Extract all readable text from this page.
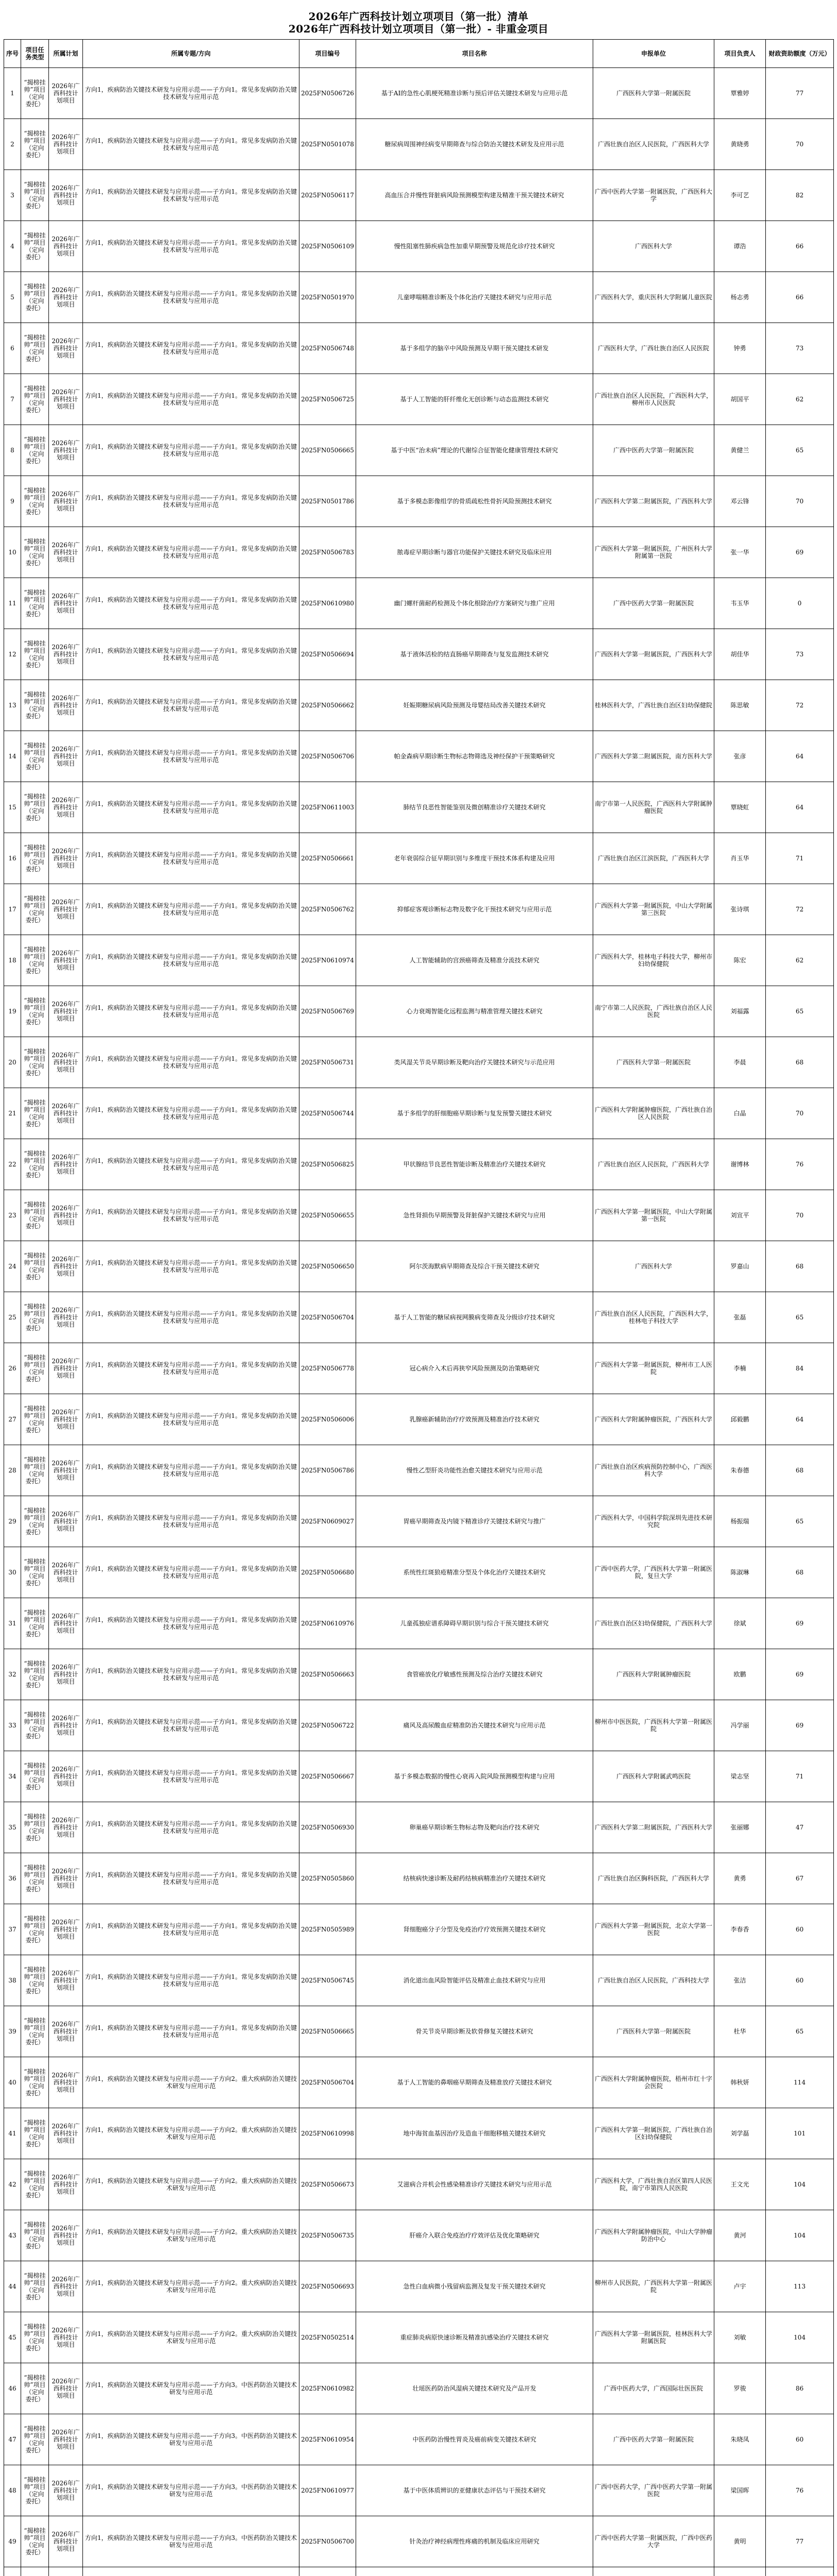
2026年广西科技计划立项项目（第一批）清单
2026年广西科技计划立项项目（第一批）- 非重金项目
序号	项目任务类型	所属计划	所属专题/方向	项目编号	项目名称	申报单位	项目负责人	财政资助额度（万元）
1	“揭榜挂帅”项目（定向委托）	2026年广西科技计划项目	方向1，疾病防治关键技术研发与应用示范——子方向1。常见多发病防治关键技术研发与应用示范	2025FN0506726	基于AI的急性心肌梗死精准诊断与预后评估关键技术研发与应用示范	广西医科大学第一附属医院	覃雅婷	77
2	“揭榜挂帅”项目（定向委托）	2026年广西科技计划项目	方向1，疾病防治关键技术研发与应用示范——子方向1。常见多发病防治关键技术研发与应用示范	2025FN0501078	糖尿病周围神经病变早期筛查与综合防治关键技术研发及应用示范	广西壮族自治区人民医院，广西医科大学	黄晓勇	70
3	“揭榜挂帅”项目（定向委托）	2026年广西科技计划项目	方向1，疾病防治关键技术研发与应用示范——子方向1。常见多发病防治关键技术研发与应用示范	2025FN0506117	高血压合并慢性肾脏病风险预测模型构建及精准干预关键技术研究	广西中医药大学第一附属医院，广西医科大学	李可艺	82
4	“揭榜挂帅”项目（定向委托）	2026年广西科技计划项目	方向1，疾病防治关键技术研发与应用示范——子方向1。常见多发病防治关键技术研发与应用示范	2025FN0506109	慢性阻塞性肺疾病急性加重早期预警及规范化诊疗技术研究	广西医科大学	谭浩	66
5	“揭榜挂帅”项目（定向委托）	2026年广西科技计划项目	方向1，疾病防治关键技术研发与应用示范——子方向1。常见多发病防治关键技术研发与应用示范	2025FN0501970	儿童哮喘精准诊断及个体化治疗关键技术研究与应用示范	广西医科大学，重庆医科大学附属儿童医院	杨志勇	66
6	“揭榜挂帅”项目（定向委托）	2026年广西科技计划项目	方向1，疾病防治关键技术研发与应用示范——子方向1。常见多发病防治关键技术研发与应用示范	2025FN0506748	基于多组学的脑卒中风险预测及早期干预关键技术研发	广西医科大学，广西壮族自治区人民医院	钟勇	73
7	“揭榜挂帅”项目（定向委托）	2026年广西科技计划项目	方向1，疾病防治关键技术研发与应用示范——子方向1。常见多发病防治关键技术研发与应用示范	2025FN0506725	基于人工智能的肝纤维化无创诊断与动态监测技术研究	广西壮族自治区人民医院，广西医科大学，柳州市人民医院	胡国平	62
8	“揭榜挂帅”项目（定向委托）	2026年广西科技计划项目	方向1，疾病防治关键技术研发与应用示范——子方向1。常见多发病防治关键技术研发与应用示范	2025FN0506665	基于中医“治未病”理论的代谢综合征智能化健康管理技术研究	广西中医药大学第一附属医院	黄健兰	65
9	“揭榜挂帅”项目（定向委托）	2026年广西科技计划项目	方向1，疾病防治关键技术研发与应用示范——子方向1。常见多发病防治关键技术研发与应用示范	2025FN0501786	基于多模态影像组学的骨质疏松性骨折风险预测技术研究	广西医科大学第二附属医院，广西医科大学	邓云锋	70
10	“揭榜挂帅”项目（定向委托）	2026年广西科技计划项目	方向1，疾病防治关键技术研发与应用示范——子方向1。常见多发病防治关键技术研发与应用示范	2025FN0506783	脓毒症早期诊断与器官功能保护关键技术研究及临床应用	广西医科大学第一附属医院，广州医科大学附属第一医院	张一华	69
11	“揭榜挂帅”项目（定向委托）	2026年广西科技计划项目	方向1，疾病防治关键技术研发与应用示范——子方向1。常见多发病防治关键技术研发与应用示范	2025FN0610980	幽门螺杆菌耐药检测及个体化根除治疗方案研究与推广应用	广西中医药大学第一附属医院	韦玉华	0
12	“揭榜挂帅”项目（定向委托）	2026年广西科技计划项目	方向1，疾病防治关键技术研发与应用示范——子方向1。常见多发病防治关键技术研发与应用示范	2025FN0506694	基于液体活检的结直肠癌早期筛查与复发监测技术研究	广西医科大学第一附属医院，广西医科大学	胡佳华	73
13	“揭榜挂帅”项目（定向委托）	2026年广西科技计划项目	方向1，疾病防治关键技术研发与应用示范——子方向1。常见多发病防治关键技术研发与应用示范	2025FN0506662	妊娠期糖尿病风险预测及母婴结局改善关键技术研究	桂林医科大学，广西壮族自治区妇幼保健院	陈思敏	72
14	“揭榜挂帅”项目（定向委托）	2026年广西科技计划项目	方向1，疾病防治关键技术研发与应用示范——子方向1。常见多发病防治关键技术研发与应用示范	2025FN0506706	帕金森病早期诊断生物标志物筛选及神经保护干预策略研究	广西医科大学第二附属医院，南方医科大学	张彦	64
15	“揭榜挂帅”项目（定向委托）	2026年广西科技计划项目	方向1，疾病防治关键技术研发与应用示范——子方向1。常见多发病防治关键技术研发与应用示范	2025FN0611003	肺结节良恶性智能鉴别及微创精准诊疗关键技术研究	南宁市第一人民医院，广西医科大学附属肿瘤医院	覃晓虹	64
16	“揭榜挂帅”项目（定向委托）	2026年广西科技计划项目	方向1，疾病防治关键技术研发与应用示范——子方向1。常见多发病防治关键技术研发与应用示范	2025FN0506661	老年衰弱综合征早期识别与多维度干预技术体系构建及应用	广西壮族自治区江滨医院，广西医科大学	肖玉华	71
17	“揭榜挂帅”项目（定向委托）	2026年广西科技计划项目	方向1，疾病防治关键技术研发与应用示范——子方向1。常见多发病防治关键技术研发与应用示范	2025FN0506762	抑郁症客观诊断标志物及数字化干预技术研究与应用示范	广西医科大学第一附属医院，中山大学附属第三医院	张诗琪	72
18	“揭榜挂帅”项目（定向委托）	2026年广西科技计划项目	方向1，疾病防治关键技术研发与应用示范——子方向1。常见多发病防治关键技术研发与应用示范	2025FN0610974	人工智能辅助的宫颈癌筛查及精准分流技术研究	广西医科大学，桂林电子科技大学，柳州市妇幼保健院	陈宏	62
19	“揭榜挂帅”项目（定向委托）	2026年广西科技计划项目	方向1，疾病防治关键技术研发与应用示范——子方向1。常见多发病防治关键技术研发与应用示范	2025FN0506769	心力衰竭智能化远程监测与精准管理关键技术研究	南宁市第二人民医院，广西壮族自治区人民医院	刘福露	65
20	“揭榜挂帅”项目（定向委托）	2026年广西科技计划项目	方向1，疾病防治关键技术研发与应用示范——子方向1。常见多发病防治关键技术研发与应用示范	2025FN0506731	类风湿关节炎早期诊断及靶向治疗关键技术研究与示范应用	广西医科大学第一附属医院	李晨	68
21	“揭榜挂帅”项目（定向委托）	2026年广西科技计划项目	方向1，疾病防治关键技术研发与应用示范——子方向1。常见多发病防治关键技术研发与应用示范	2025FN0506744	基于多组学的肝细胞癌早期诊断与复发预警关键技术研究	广西医科大学附属肿瘤医院，广西壮族自治区人民医院	白晶	70
22	“揭榜挂帅”项目（定向委托）	2026年广西科技计划项目	方向1，疾病防治关键技术研发与应用示范——子方向1。常见多发病防治关键技术研发与应用示范	2025FN0506825	甲状腺结节良恶性智能诊断及精准治疗关键技术研究	广西壮族自治区人民医院，广西医科大学	谢博林	76
23	“揭榜挂帅”项目（定向委托）	2026年广西科技计划项目	方向1，疾病防治关键技术研发与应用示范——子方向1。常见多发病防治关键技术研发与应用示范	2025FN0506655	急性肾损伤早期预警及肾脏保护关键技术研究与应用	广西医科大学第一附属医院，中山大学附属第一医院	刘宣平	70
24	“揭榜挂帅”项目（定向委托）	2026年广西科技计划项目	方向1，疾病防治关键技术研发与应用示范——子方向1。常见多发病防治关键技术研发与应用示范	2025FN0506650	阿尔茨海默病早期筛查及综合干预关键技术研究	广西医科大学	罗嘉山	68
25	“揭榜挂帅”项目（定向委托）	2026年广西科技计划项目	方向1，疾病防治关键技术研发与应用示范——子方向1。常见多发病防治关键技术研发与应用示范	2025FN0506704	基于人工智能的糖尿病视网膜病变筛查及分级诊疗技术研究	广西壮族自治区人民医院，广西医科大学，桂林电子科技大学	张磊	65
26	“揭榜挂帅”项目（定向委托）	2026年广西科技计划项目	方向1，疾病防治关键技术研发与应用示范——子方向1。常见多发病防治关键技术研发与应用示范	2025FN0506778	冠心病介入术后再狭窄风险预测及防治策略研究	广西医科大学第一附属医院，柳州市工人医院	李楠	84
27	“揭榜挂帅”项目（定向委托）	2026年广西科技计划项目	方向1，疾病防治关键技术研发与应用示范——子方向1。常见多发病防治关键技术研发与应用示范	2025FN0506006	乳腺癌新辅助治疗疗效预测及精准治疗技术研究	广西医科大学附属肿瘤医院，广西医科大学	邱毅鹏	64
28	“揭榜挂帅”项目（定向委托）	2026年广西科技计划项目	方向1，疾病防治关键技术研发与应用示范——子方向1。常见多发病防治关键技术研发与应用示范	2025FN0506786	慢性乙型肝炎功能性治愈关键技术研究与应用示范	广西壮族自治区疾病预防控制中心，广西医科大学	朱春德	68
29	“揭榜挂帅”项目（定向委托）	2026年广西科技计划项目	方向1，疾病防治关键技术研发与应用示范——子方向1。常见多发病防治关键技术研发与应用示范	2025FN0609027	胃癌早期筛查及内镜下精准诊疗关键技术研究与推广	广西医科大学，中国科学院深圳先进技术研究院	杨振瑞	65
30	“揭榜挂帅”项目（定向委托）	2026年广西科技计划项目	方向1，疾病防治关键技术研发与应用示范——子方向1。常见多发病防治关键技术研发与应用示范	2025FN0506680	系统性红斑狼疮精准分型及个体化治疗关键技术研究	广西中医药大学，广西医科大学第一附属医院，复旦大学	陈淑琳	68
31	“揭榜挂帅”项目（定向委托）	2026年广西科技计划项目	方向1，疾病防治关键技术研发与应用示范——子方向1。常见多发病防治关键技术研发与应用示范	2025FN0610976	儿童孤独症谱系障碍早期识别与综合干预关键技术研究	广西壮族自治区妇幼保健院，广西医科大学	徐斌	69
32	“揭榜挂帅”项目（定向委托）	2026年广西科技计划项目	方向1，疾病防治关键技术研发与应用示范——子方向1。常见多发病防治关键技术研发与应用示范	2025FN0506663	食管癌放化疗敏感性预测及综合治疗关键技术研究	广西医科大学附属肿瘤医院	欧鹏	69
33	“揭榜挂帅”项目（定向委托）	2026年广西科技计划项目	方向1，疾病防治关键技术研发与应用示范——子方向1。常见多发病防治关键技术研发与应用示范	2025FN0506722	痛风及高尿酸血症精准防治关键技术研究与应用示范	柳州市中医医院，广西医科大学第一附属医院	冯学丽	69
34	“揭榜挂帅”项目（定向委托）	2026年广西科技计划项目	方向1，疾病防治关键技术研发与应用示范——子方向1。常见多发病防治关键技术研发与应用示范	2025FN0506667	基于多模态数据的慢性心衰再入院风险预测模型构建与应用	广西医科大学附属武鸣医院	梁志坚	71
35	“揭榜挂帅”项目（定向委托）	2026年广西科技计划项目	方向1，疾病防治关键技术研发与应用示范——子方向1。常见多发病防治关键技术研发与应用示范	2025FN0506930	卵巢癌早期诊断生物标志物及靶向治疗技术研究	广西医科大学第二附属医院，广西医科大学	张丽娜	47
36	“揭榜挂帅”项目（定向委托）	2026年广西科技计划项目	方向1，疾病防治关键技术研发与应用示范——子方向1。常见多发病防治关键技术研发与应用示范	2025FN0505860	结核病快速诊断及耐药结核病精准治疗关键技术研究	广西壮族自治区胸科医院，广西医科大学	黄勇	67
37	“揭榜挂帅”项目（定向委托）	2026年广西科技计划项目	方向1，疾病防治关键技术研发与应用示范——子方向1。常见多发病防治关键技术研发与应用示范	2025FN0505989	肾细胞癌分子分型及免疫治疗疗效预测关键技术研究	广西医科大学第一附属医院，北京大学第一医院	李春香	60
38	“揭榜挂帅”项目（定向委托）	2026年广西科技计划项目	方向1，疾病防治关键技术研发与应用示范——子方向1。常见多发病防治关键技术研发与应用示范	2025FN0506745	消化道出血风险智能评估及精准止血技术研究与应用	广西壮族自治区人民医院，广西科技大学	张洁	60
39	“揭榜挂帅”项目（定向委托）	2026年广西科技计划项目	方向1，疾病防治关键技术研发与应用示范——子方向1。常见多发病防治关键技术研发与应用示范	2025FN0506665	骨关节炎早期诊断及软骨修复关键技术研究	广西医科大学第一附属医院	杜华	65
40	“揭榜挂帅”项目（定向委托）	2026年广西科技计划项目	方向1，疾病防治关键技术研发与应用示范——子方向2。重大疾病防治关键技术研发与应用示范	2025FN0506704	基于人工智能的鼻咽癌早期筛查及精准放疗关键技术研究	广西医科大学附属肿瘤医院，梧州市红十字会医院	韩秋妍	114
41	“揭榜挂帅”项目（定向委托）	2026年广西科技计划项目	方向1，疾病防治关键技术研发与应用示范——子方向2。重大疾病防治关键技术研发与应用示范	2025FN0610998	地中海贫血基因治疗及造血干细胞移植关键技术研究	广西医科大学第一附属医院，广西壮族自治区妇幼保健院	刘学磊	101
42	“揭榜挂帅”项目（定向委托）	2026年广西科技计划项目	方向1，疾病防治关键技术研发与应用示范——子方向2。重大疾病防治关键技术研发与应用示范	2025FN0506673	艾滋病合并机会性感染精准诊疗关键技术研究与应用示范	广西医科大学，广西壮族自治区第四人民医院，南宁市第四人民医院	王文光	104
43	“揭榜挂帅”项目（定向委托）	2026年广西科技计划项目	方向1，疾病防治关键技术研发与应用示范——子方向2。重大疾病防治关键技术研发与应用示范	2025FN0506735	肝癌介入联合免疫治疗疗效评估及优化策略研究	广西医科大学附属肿瘤医院，中山大学肿瘤防治中心	黄河	104
44	“揭榜挂帅”项目（定向委托）	2026年广西科技计划项目	方向1，疾病防治关键技术研发与应用示范——子方向2。重大疾病防治关键技术研发与应用示范	2025FN0506693	急性白血病微小残留病监测及复发干预关键技术研究	柳州市人民医院，广西医科大学第一附属医院	卢宇	113
45	“揭榜挂帅”项目（定向委托）	2026年广西科技计划项目	方向1，疾病防治关键技术研发与应用示范——子方向2。重大疾病防治关键技术研发与应用示范	2025FN0502514	重症肺炎病原快速诊断及精准抗感染治疗关键技术研究	广西医科大学第一附属医院，桂林医科大学附属医院	刘敏	104
46	“揭榜挂帅”项目（定向委托）	2026年广西科技计划项目	方向1，疾病防治关键技术研发与应用示范——子方向3。中医药防治关键技术研发与应用示范	2025FN0610982	壮瑶医药防治风湿病关键技术研究及产品开发	广西中医药大学，广西国际壮医医院	罗骏	86
47	“揭榜挂帅”项目（定向委托）	2026年广西科技计划项目	方向1，疾病防治关键技术研发与应用示范——子方向3。中医药防治关键技术研发与应用示范	2025FN0610954	中医药防治慢性胃炎及癌前病变关键技术研究	广西中医药大学第一附属医院	朱晓凤	60
48	“揭榜挂帅”项目（定向委托）	2026年广西科技计划项目	方向1，疾病防治关键技术研发与应用示范——子方向3。中医药防治关键技术研发与应用示范	2025FN0610977	基于中医体质辨识的亚健康状态评估与干预技术研究	广西中医药大学，广西中医药大学第一附属医院	梁国晖	76
49	“揭榜挂帅”项目（定向委托）	2026年广西科技计划项目	方向1，疾病防治关键技术研发与应用示范——子方向3。中医药防治关键技术研发与应用示范	2025FN0506700	针灸治疗神经病理性疼痛的机制及临床应用研究	广西中医药大学第一附属医院，广西中医药大学	黄明	77
